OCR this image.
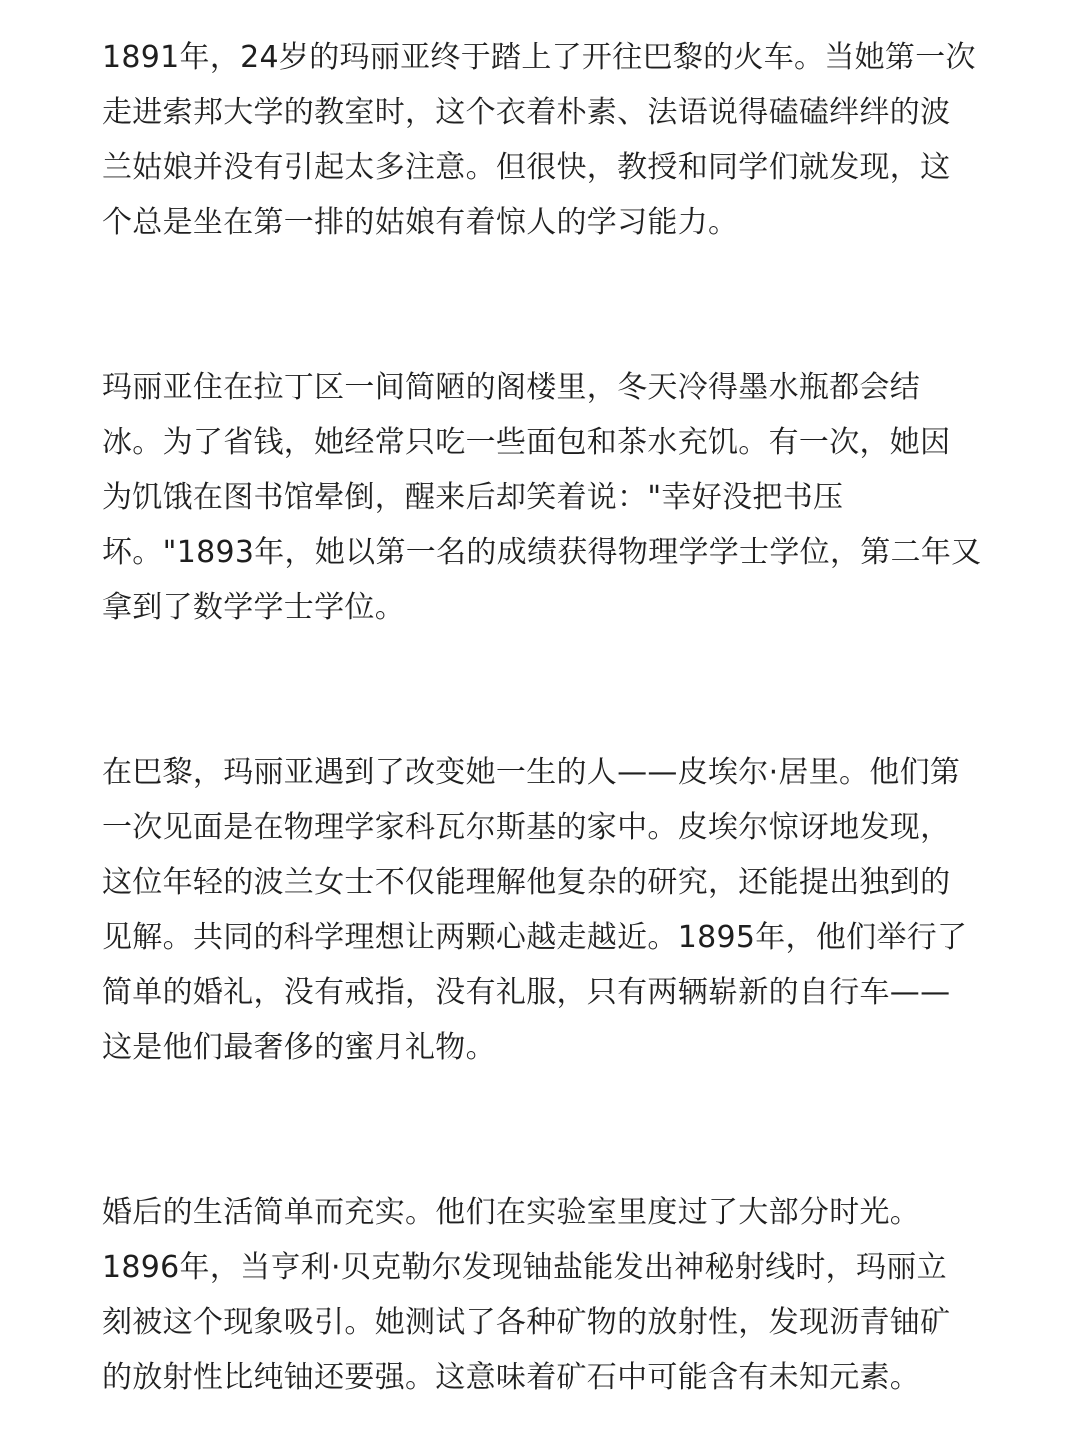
1891年，24岁的玛丽亚终于踏上了开往巴黎的火车。当她第一次
走进索邦大学的教室时，这个衣着朴素、法语说得磕磕绊绊的波
兰姑娘并没有引起太多注意。但很快，教授和同学们就发现，这
个总是坐在第一排的姑娘有着惊人的学习能力。

玛丽亚住在拉丁区一间简陋的阁楼里，冬天冷得墨水瓶都会结
冰。为了省钱，她经常只吃一些面包和茶水充饥。有一次，她因
为饥饿在图书馆晕倒，醒来后却笑着说："幸好没把书压
坏。"1893年，她以第一名的成绩获得物理学学士学位，第二年又
拿到了数学学士学位。

在巴黎，玛丽亚遇到了改变她一生的人——皮埃尔·居里。他们第
一次见面是在物理学家科瓦尔斯基的家中。皮埃尔惊讶地发现，
这位年轻的波兰女士不仅能理解他复杂的研究，还能提出独到的
见解。共同的科学理想让两颗心越走越近。1895年，他们举行了
简单的婚礼，没有戒指，没有礼服，只有两辆崭新的自行车——
这是他们最奢侈的蜜月礼物。

婚后的生活简单而充实。他们在实验室里度过了大部分时光。
1896年，当亨利·贝克勒尔发现铀盐能发出神秘射线时，玛丽立
刻被这个现象吸引。她测试了各种矿物的放射性，发现沥青铀矿
的放射性比纯铀还要强。这意味着矿石中可能含有未知元素。
